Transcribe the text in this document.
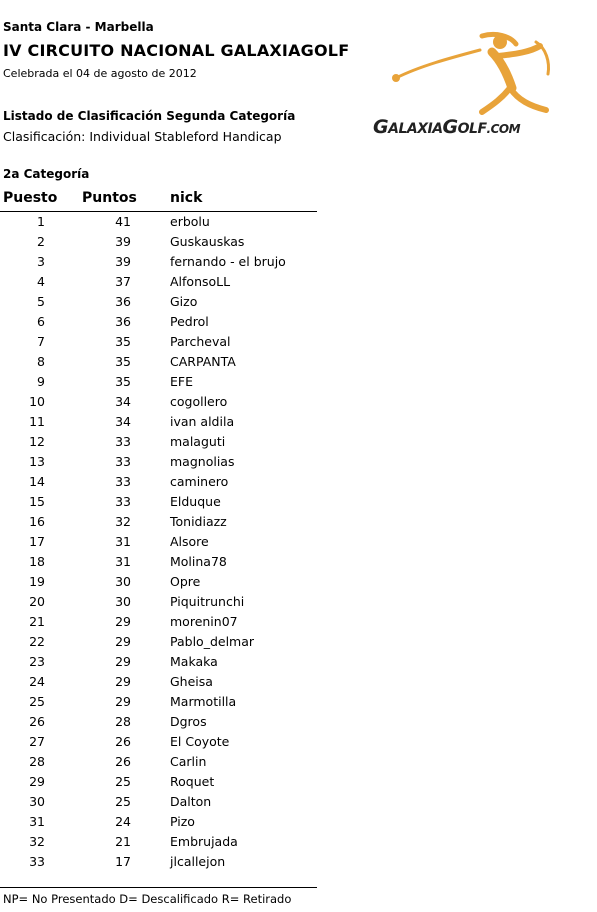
Santa Clara - Marbella
IV CIRCUITO NACIONAL GALAXIAGOLF
Celebrada el 04 de agosto de 2012
Listado de Clasificación Segunda Categoría
Clasificación: Individual Stableford Handicap	GALAXIAGOLF.COM
2a Categoría
Puesto Puntos nick
1	41	erbolu
2	39	Guskauskas
3	39	fernando - el brujo
4	37	AlfonsoLL
5	36	Gizo
6	36	Pedrol
7	35	Parcheval
8	35	CARPANTA
9	35	EFE
10	34	cogollero
11	34	ivan aldila
12	33	malaguti
13	33	magnolias
14	33	caminero
15	33	Elduque
16	32	Tonidiazz
17	31	Alsore
18	31	Molina78
19	30	Opre
20	30	Piquitrunchi
21	29	morenin07
22	29	Pablo_delmar
23	29	Makaka
24	29	Gheisa
25	29	Marmotilla
26	28	Dgros
27	26	El Coyote
28	26	Carlin
29	25	Roquet
30	25	Dalton
31	24	Pizo
32	21	Embrujada
33	17	jlcallejon
NP= No Presentado D= Descalificado R= Retirado
